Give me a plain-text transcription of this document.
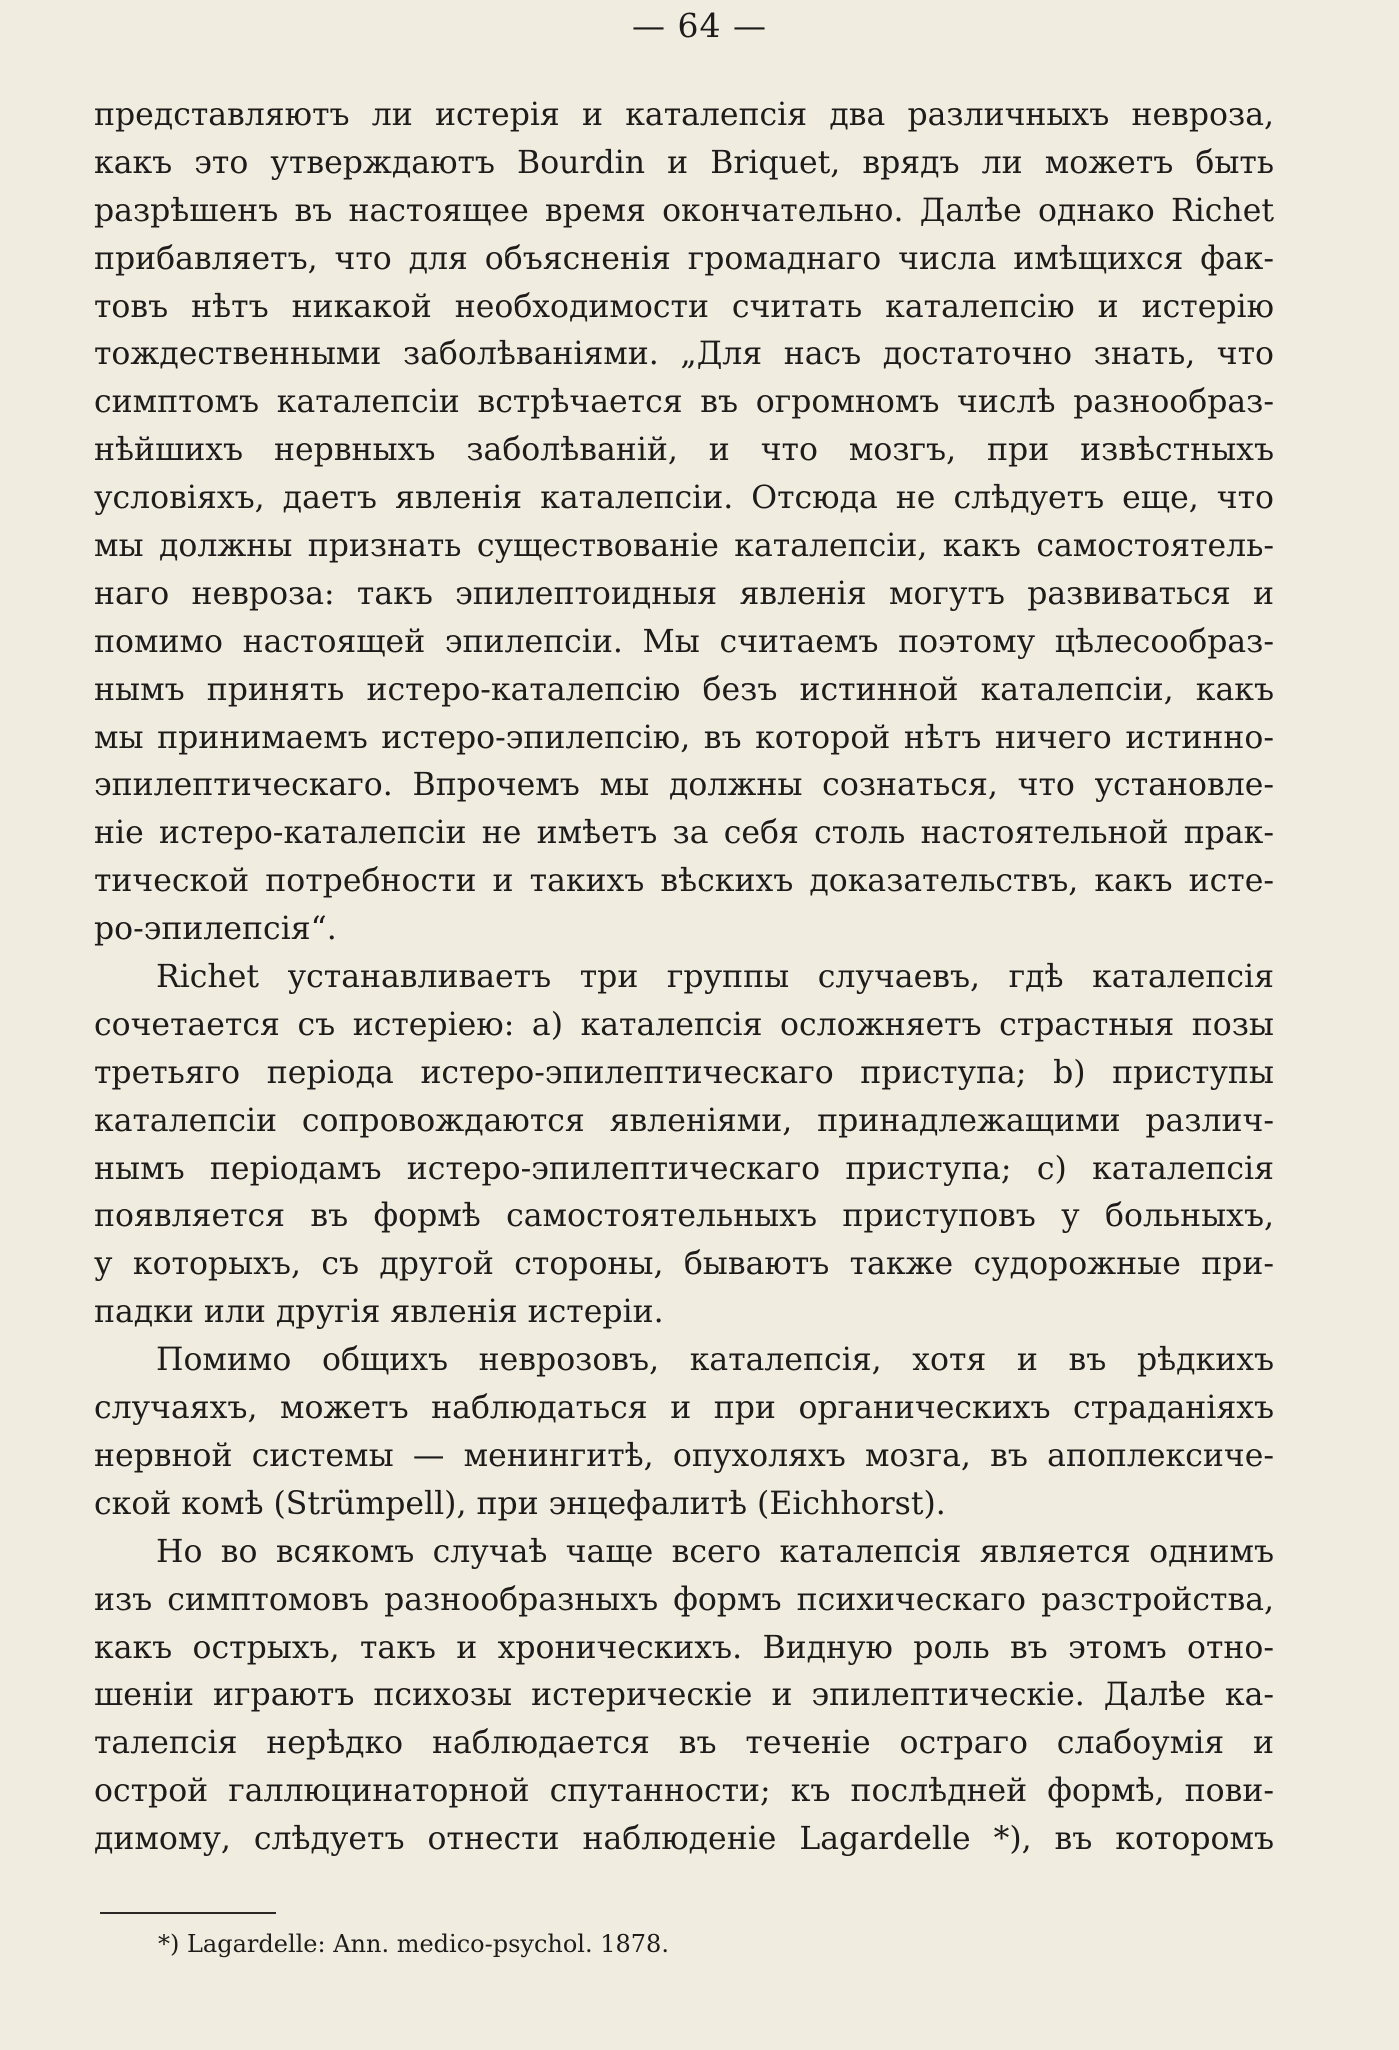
— 64 —
представляютъ ли истерія и каталепсія два различныхъ невроза,
какъ это утверждаютъ Bourdin и Briquet, врядъ ли можетъ быть
разрѣшенъ въ настоящее время окончательно. Далѣе однако Richet
прибавляетъ, что для объясненія громаднаго числа имѣщихся фак-
товъ нѣтъ никакой необходимости считать каталепсію и истерію
тождественными заболѣваніями. „Для насъ достаточно знать, что
симптомъ каталепсіи встрѣчается въ огромномъ числѣ разнообраз-
нѣйшихъ нервныхъ заболѣваній, и что мозгъ, при извѣстныхъ
условіяхъ, даетъ явленія каталепсіи. Отсюда не слѣдуетъ еще, что
мы должны признать существованіе каталепсіи, какъ самостоятель-
наго невроза: такъ эпилептоидныя явленія могутъ развиваться и
помимо настоящей эпилепсіи. Мы считаемъ поэтому цѣлесообраз-
нымъ принять истеро-каталепсію безъ истинной каталепсіи, какъ
мы принимаемъ истеро-эпилепсію, въ которой нѣтъ ничего истинно-
эпилептическаго. Впрочемъ мы должны сознаться, что установле-
ніе истеро-каталепсіи не имѣетъ за себя столь настоятельной прак-
тической потребности и такихъ вѣскихъ доказательствъ, какъ исте-
ро-эпилепсія“.
Richet устанавливаетъ три группы случаевъ, гдѣ каталепсія
сочетается съ истеріею: а) каталепсія осложняетъ страстныя позы
третьяго періода истеро-эпилептическаго приступа; b) приступы
каталепсіи сопровождаются явленіями, принадлежащими различ-
нымъ періодамъ истеро-эпилептическаго приступа; с) каталепсія
появляется въ формѣ самостоятельныхъ приступовъ у больныхъ,
у которыхъ, съ другой стороны, бываютъ также судорожные при-
падки или другія явленія истеріи.
Помимо общихъ неврозовъ, каталепсія, хотя и въ рѣдкихъ
случаяхъ, можетъ наблюдаться и при органическихъ страданіяхъ
нервной системы — менингитѣ, опухоляхъ мозга, въ апоплексиче-
ской комѣ (Strümpell), при энцефалитѣ (Eichhorst).
Но во всякомъ случаѣ чаще всего каталепсія является однимъ
изъ симптомовъ разнообразныхъ формъ психическаго разстройства,
какъ острыхъ, такъ и хроническихъ. Видную роль въ этомъ отно-
шеніи играютъ психозы истерическіе и эпилептическіе. Далѣе ка-
талепсія нерѣдко наблюдается въ теченіе остраго слабоумія и
острой галлюцинаторной спутанности; къ послѣдней формѣ, пови-
димому, слѣдуетъ отнести наблюденіе Lagardelle *), въ которомъ
*) Lagardelle: Ann. medico-psychol. 1878.
